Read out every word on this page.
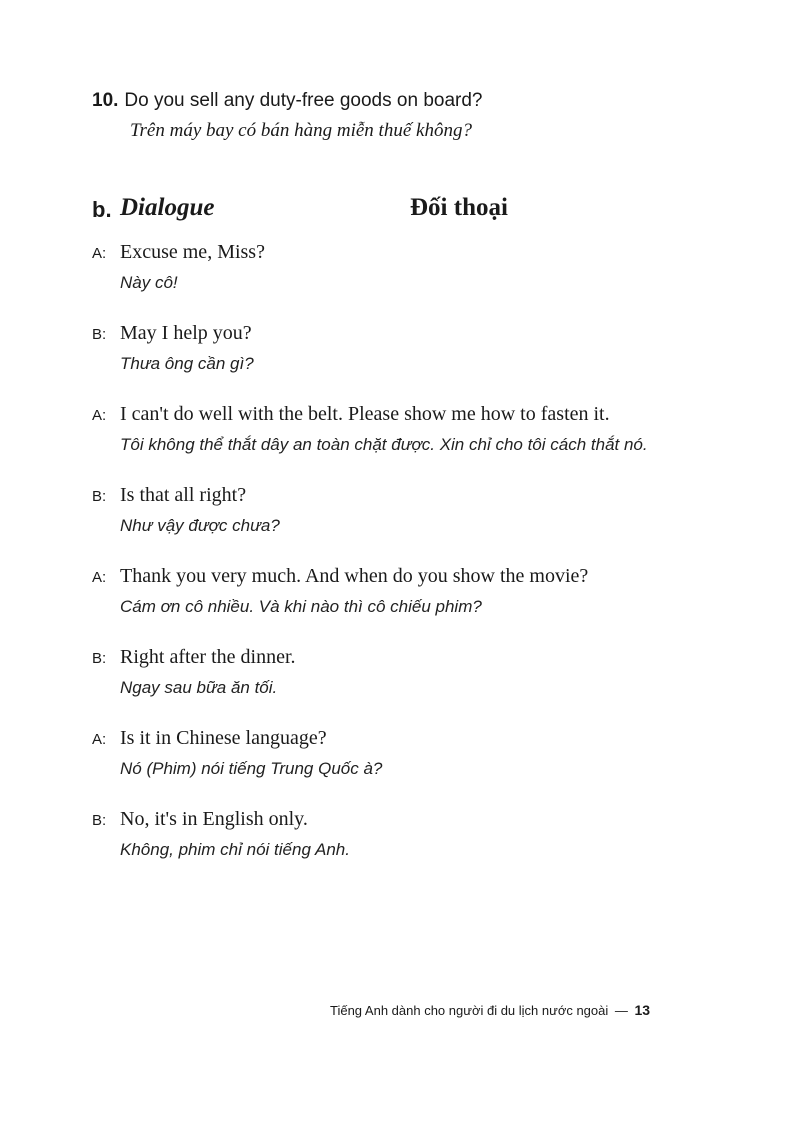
10. Do you sell any duty-free goods on board?
Trên máy bay có bán hàng miễn thuế không?
b. Dialogue	Đối thoại
A: Excuse me, Miss?
Này cô!
B: May I help you?
Thưa ông cần gì?
A: I can't do well with the belt. Please show me how to fasten it.
Tôi không thể thắt dây an toàn chặt được. Xin chỉ cho tôi cách thắt nó.
B: Is that all right?
Như vậy được chưa?
A: Thank you very much. And when do you show the movie?
Cám ơn cô nhiều. Và khi nào thì cô chiếu phim?
B: Right after the dinner.
Ngay sau bữa ăn tối.
A: Is it in Chinese language?
Nó (Phim) nói tiếng Trung Quốc à?
B: No, it's in English only.
Không, phim chỉ nói tiếng Anh.
Tiếng Anh dành cho người đi du lịch nước ngoài — 13
